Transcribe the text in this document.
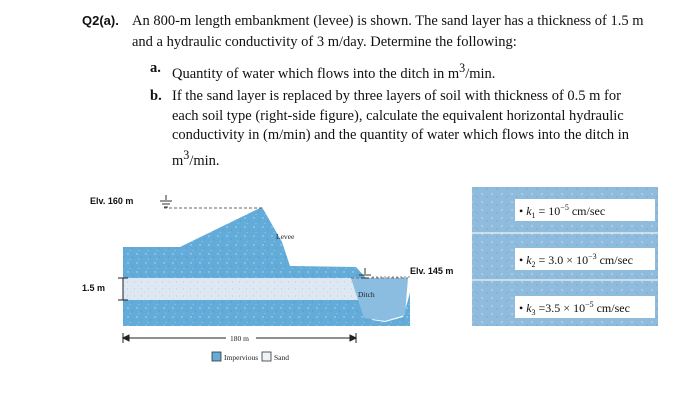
Q2(a). An 800-m length embankment (levee) is shown. The sand layer has a thickness of 1.5 m and a hydraulic conductivity of 3 m/day. Determine the following:

a. Quantity of water which flows into the ditch in $m^3/\min$.
b. If the sand layer is replaced by three layers of soil with thickness of 0.5 m for each soil type (right-side figure), calculate the equivalent horizontal hydraulic conductivity in (m/min) and the quantity of water which flows into the ditch in $m^3/\min$.
Elv. 160 m
Elv. 145 m
1.5 m
Levee
Ditch
180 m
Impervious Sand
• $k_1 = 10^{-5}$ cm/sec
• $k_2 = 3.0 \times 10^{-3}$ cm/sec
• $k_3 =3.5 \times 10^{-5}$ cm/sec
